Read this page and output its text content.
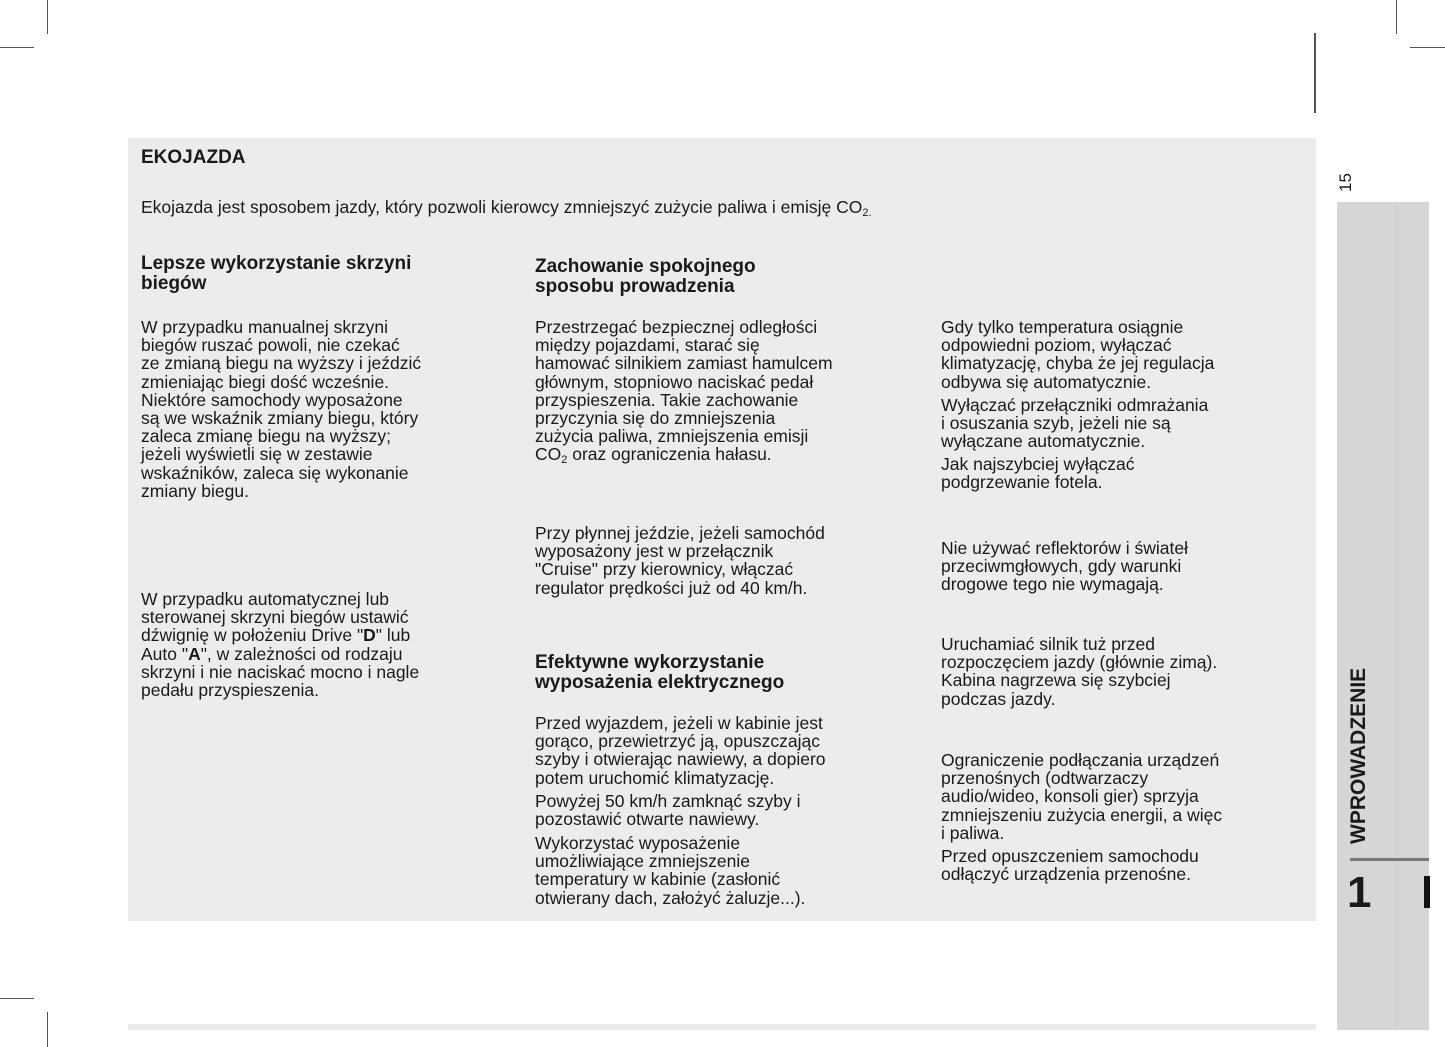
EKOJAZDA
Ekojazda jest sposobem jazdy, który pozwoli kierowcy zmniejszyć zużycie paliwa i emisję $CO_{2.}$
Lepsze wykorzystanie skrzyni
biegów
W przypadku manualnej skrzyni
biegów ruszać powoli, nie czekać
ze zmianą biegu na wyższy i jeździć
zmieniając biegi dość wcześnie.
Niektóre samochody wyposażone
są we wskaźnik zmiany biegu, który
zaleca zmianę biegu na wyższy;
jeżeli wyświetli się w zestawie
wskaźników, zaleca się wykonanie
zmiany biegu.
W przypadku automatycznej lub
sterowanej skrzyni biegów ustawić
dźwignię w położeniu Drive "D" lub
Auto "A", w zależności od rodzaju
skrzyni i nie naciskać mocno i nagle
pedału przyspieszenia.
Zachowanie spokojnego
sposobu prowadzenia
Przestrzegać bezpiecznej odległości
między pojazdami, starać się
hamować silnikiem zamiast hamulcem
głównym, stopniowo naciskać pedał
przyspieszenia. Takie zachowanie
przyczynia się do zmniejszenia
zużycia paliwa, zmniejszenia emisji
$CO_2$ oraz ograniczenia hałasu.
Przy płynnej jeździe, jeżeli samochód
wyposażony jest w przełącznik
"Cruise" przy kierownicy, włączać
regulator prędkości już od 40 km/h.
Efektywne wykorzystanie
wyposażenia elektrycznego
Przed wyjazdem, jeżeli w kabinie jest
gorąco, przewietrzyć ją, opuszczając
szyby i otwierając nawiewy, a dopiero
potem uruchomić klimatyzację.
Powyżej 50 km/h zamknąć szyby i
pozostawić otwarte nawiewy.
Wykorzystać wyposażenie
umożliwiające zmniejszenie
temperatury w kabinie (zasłonić
otwierany dach, założyć żaluzje...).
Gdy tylko temperatura osiągnie
odpowiedni poziom, wyłączać
klimatyzację, chyba że jej regulacja
odbywa się automatycznie.
Wyłączać przełączniki odmrażania
i osuszania szyb, jeżeli nie są
wyłączane automatycznie.
Jak najszybciej wyłączać
podgrzewanie fotela.
Nie używać reflektorów i świateł
przeciwmgłowych, gdy warunki
drogowe tego nie wymagają.
Uruchamiać silnik tuż przed
rozpoczęciem jazdy (głównie zimą).
Kabina nagrzewa się szybciej
podczas jazdy.
Ograniczenie podłączania urządzeń
przenośnych (odtwarzaczy
audio/wideo, konsoli gier) sprzyja
zmniejszeniu zużycia energii, a więc
i paliwa.
Przed opuszczeniem samochodu
odłączyć urządzenia przenośne.
15
WPROWADZENIE
1
